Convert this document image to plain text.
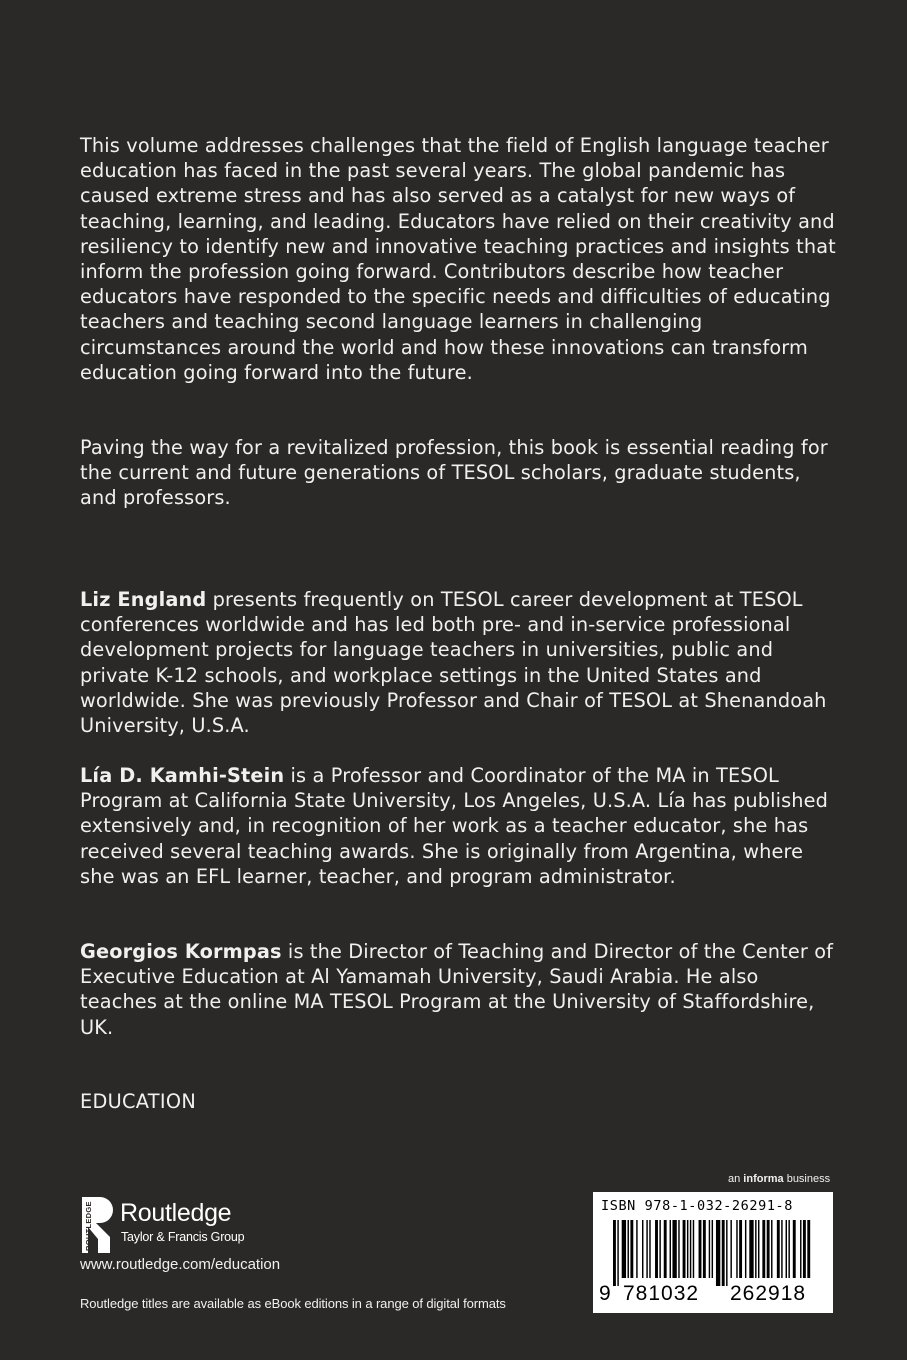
This volume addresses challenges that the field of English language teacher education has faced in the past several years. The global pandemic has caused extreme stress and has also served as a catalyst for new ways of teaching, learning, and leading. Educators have relied on their creativity and resiliency to identify new and innovative teaching practices and insights that inform the profession going forward. Contributors describe how teacher educators have responded to the specific needs and difficulties of educating teachers and teaching second language learners in challenging circumstances around the world and how these innovations can transform education going forward into the future.

Paving the way for a revitalized profession, this book is essential reading for the current and future generations of TESOL scholars, graduate students, and professors.

Liz England presents frequently on TESOL career development at TESOL conferences worldwide and has led both pre- and in-service professional development projects for language teachers in universities, public and private K-12 schools, and workplace settings in the United States and worldwide. She was previously Professor and Chair of TESOL at Shenandoah University, U.S.A.

Lía D. Kamhi-Stein is a Professor and Coordinator of the MA in TESOL Program at California State University, Los Angeles, U.S.A. Lía has published extensively and, in recognition of her work as a teacher educator, she has received several teaching awards. She is originally from Argentina, where she was an EFL learner, teacher, and program administrator.

Georgios Kormpas is the Director of Teaching and Director of the Center of Executive Education at Al Yamamah University, Saudi Arabia. He also teaches at the online MA TESOL Program at the University of Staffordshire, UK.

EDUCATION
an informa business
ROUTLEDGE Routledge
Taylor & Francis Group
www.routledge.com/education
Routledge titles are available as eBook editions in a range of digital formats
ISBN 978-1-032-26291-8
9 781032 262918
